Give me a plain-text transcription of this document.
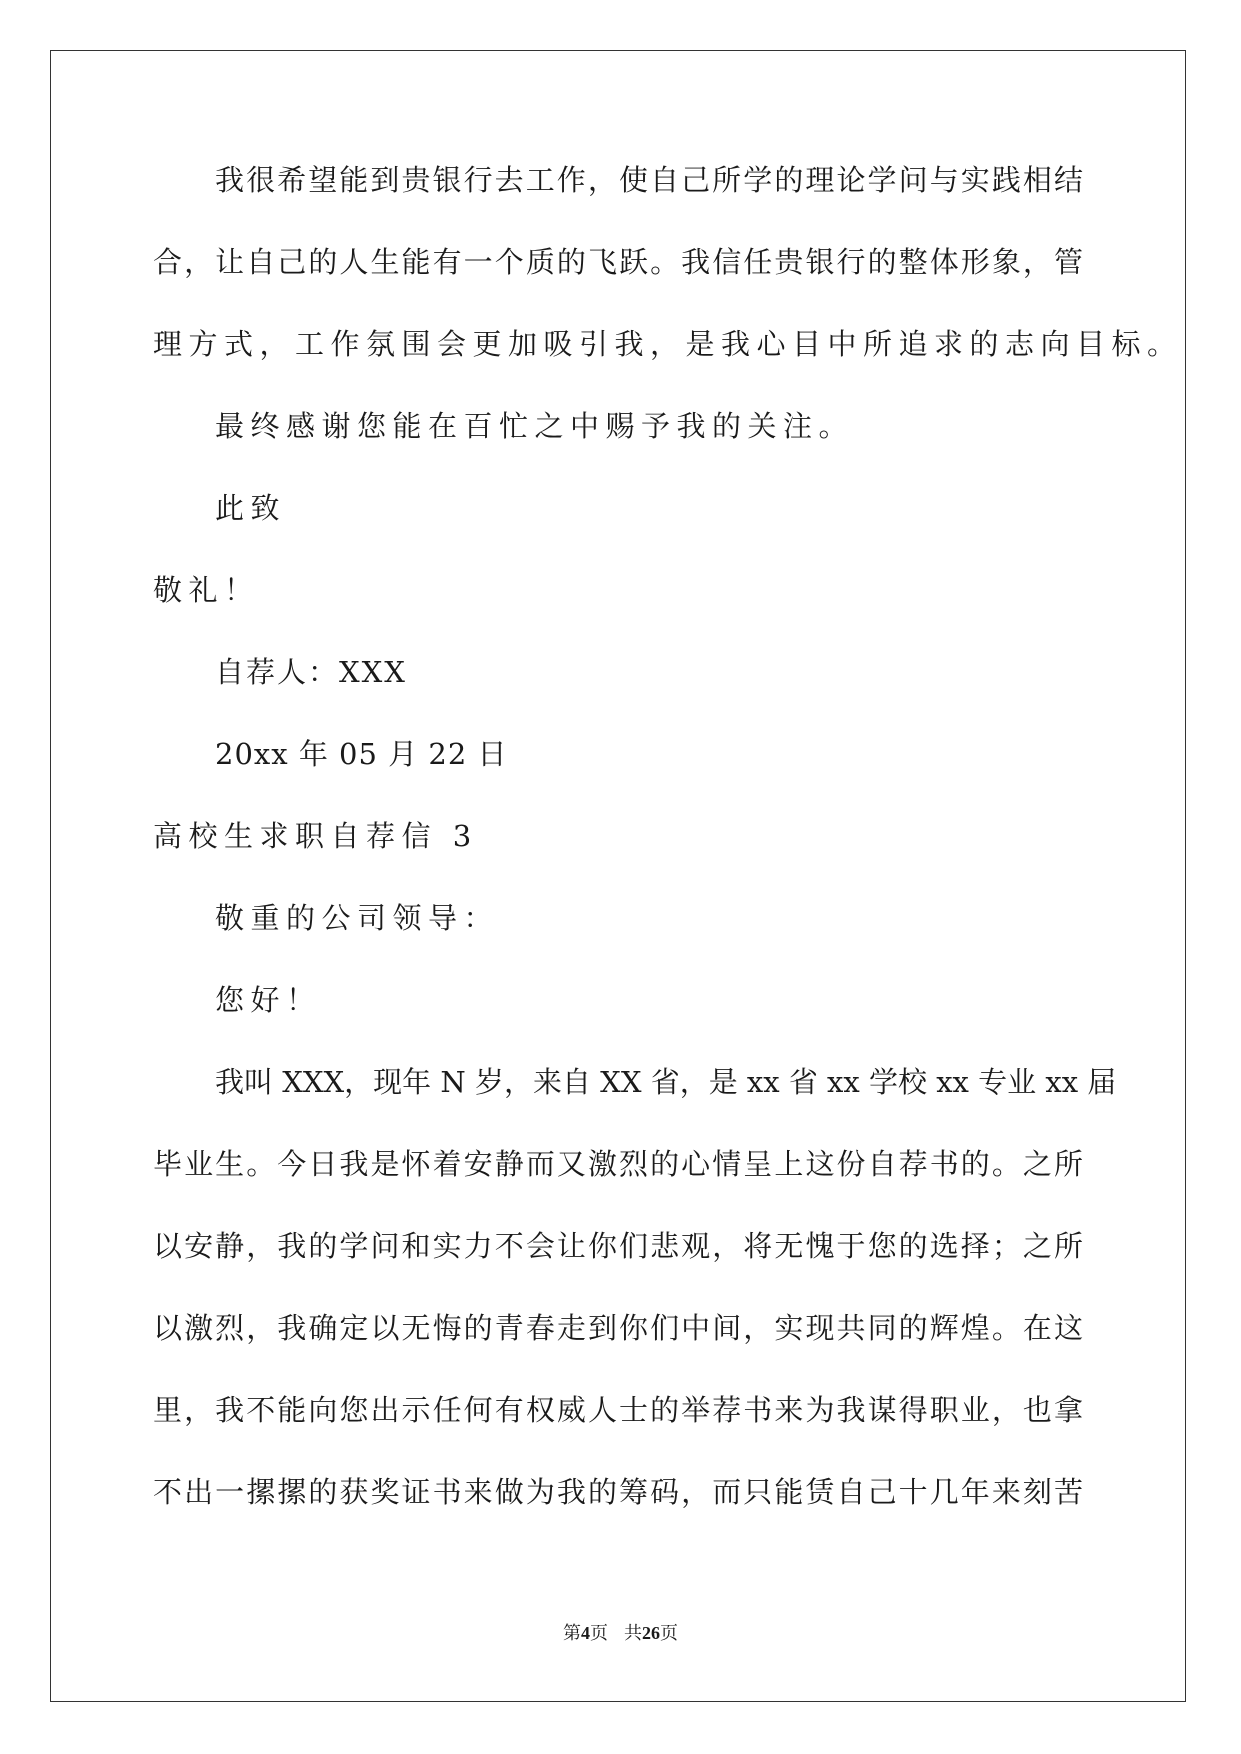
我很希望能到贵银行去工作，使自己所学的理论学问与实践相结
合，让自己的人生能有一个质的飞跃。我信任贵银行的整体形象，管
理方式，工作氛围会更加吸引我，是我心目中所追求的志向目标。
最终感谢您能在百忙之中赐予我的关注。
此致
敬礼！
自荐人：XXX
20xx 年 05 月 22 日
高校生求职自荐信 3
敬重的公司领导：
您好！
我叫 XXX，现年 N 岁，来自 XX 省，是 xx 省 xx 学校 xx 专业 xx 届
毕业生。今日我是怀着安静而又激烈的心情呈上这份自荐书的。之所
以安静，我的学问和实力不会让你们悲观，将无愧于您的选择；之所
以激烈，我确定以无悔的青春走到你们中间，实现共同的辉煌。在这
里，我不能向您出示任何有权威人士的举荐书来为我谋得职业，也拿
不出一摞摞的获奖证书来做为我的筹码，而只能赁自己十几年来刻苦
第4页 共26页
